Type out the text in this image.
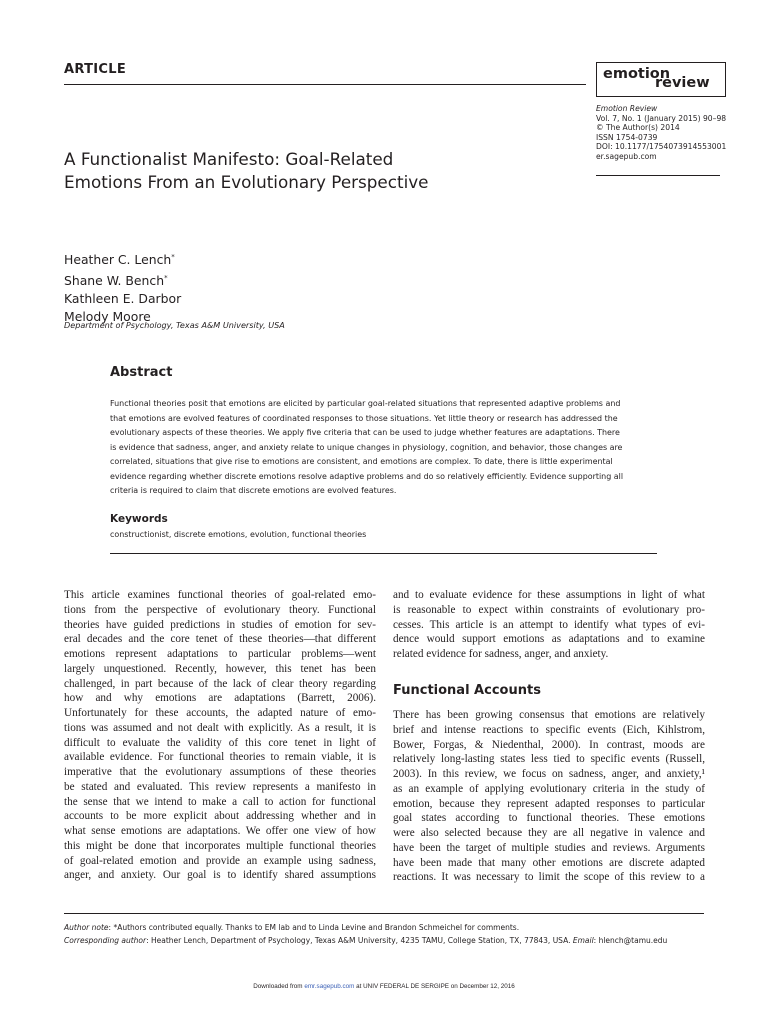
ARTICLE	emotion
review
Emotion Review
Vol. 7, No. 1 (January 2015) 90–98
© The Author(s) 2014
ISSN 1754-0739
DOI: 10.1177/1754073914553001
er.sagepub.com
A Functionalist Manifesto: Goal-Related
Emotions From an Evolutionary Perspective
Heather C. Lench*
Shane W. Bench*
Kathleen E. Darbor
Melody Moore
Department of Psychology, Texas A&M University, USA
Abstract
Functional theories posit that emotions are elicited by particular goal-related situations that represented adaptive problems and
that emotions are evolved features of coordinated responses to those situations. Yet little theory or research has addressed the
evolutionary aspects of these theories. We apply five criteria that can be used to judge whether features are adaptations. There
is evidence that sadness, anger, and anxiety relate to unique changes in physiology, cognition, and behavior, those changes are
correlated, situations that give rise to emotions are consistent, and emotions are complex. To date, there is little experimental
evidence regarding whether discrete emotions resolve adaptive problems and do so relatively efficiently. Evidence supporting all
criteria is required to claim that discrete emotions are evolved features.
Keywords
constructionist, discrete emotions, evolution, functional theories
This article examines functional theories of goal-related emo-
tions from the perspective of evolutionary theory. Functional
theories have guided predictions in studies of emotion for sev-
eral decades and the core tenet of these theories—that different
emotions represent adaptations to particular problems—went
largely unquestioned. Recently, however, this tenet has been
challenged, in part because of the lack of clear theory regarding
how and why emotions are adaptations (Barrett, 2006).
Unfortunately for these accounts, the adapted nature of emo-
tions was assumed and not dealt with explicitly. As a result, it is
difficult to evaluate the validity of this core tenet in light of
available evidence. For functional theories to remain viable, it is
imperative that the evolutionary assumptions of these theories
be stated and evaluated. This review represents a manifesto in
the sense that we intend to make a call to action for functional
accounts to be more explicit about addressing whether and in
what sense emotions are adaptations. We offer one view of how
this might be done that incorporates multiple functional theories
of goal-related emotion and provide an example using sadness,
anger, and anxiety. Our goal is to identify shared assumptions
and to evaluate evidence for these assumptions in light of what
is reasonable to expect within constraints of evolutionary pro-
cesses. This article is an attempt to identify what types of evi-
dence would support emotions as adaptations and to examine
related evidence for sadness, anger, and anxiety.
Functional Accounts
There has been growing consensus that emotions are relatively
brief and intense reactions to specific events (Eich, Kihlstrom,
Bower, Forgas, & Niedenthal, 2000). In contrast, moods are
relatively long-lasting states less tied to specific events (Russell,
2003). In this review, we focus on sadness, anger, and anxiety,¹
as an example of applying evolutionary criteria in the study of
emotion, because they represent adapted responses to particular
goal states according to functional theories. These emotions
were also selected because they are all negative in valence and
have been the target of multiple studies and reviews. Arguments
have been made that many other emotions are discrete adapted
reactions. It was necessary to limit the scope of this review to a
Author note: *Authors contributed equally. Thanks to EM lab and to Linda Levine and Brandon Schmeichel for comments.
Corresponding author: Heather Lench, Department of Psychology, Texas A&M University, 4235 TAMU, College Station, TX, 77843, USA. Email: hlench@tamu.edu
Downloaded from emr.sagepub.com at UNIV FEDERAL DE SERGIPE on December 12, 2016
